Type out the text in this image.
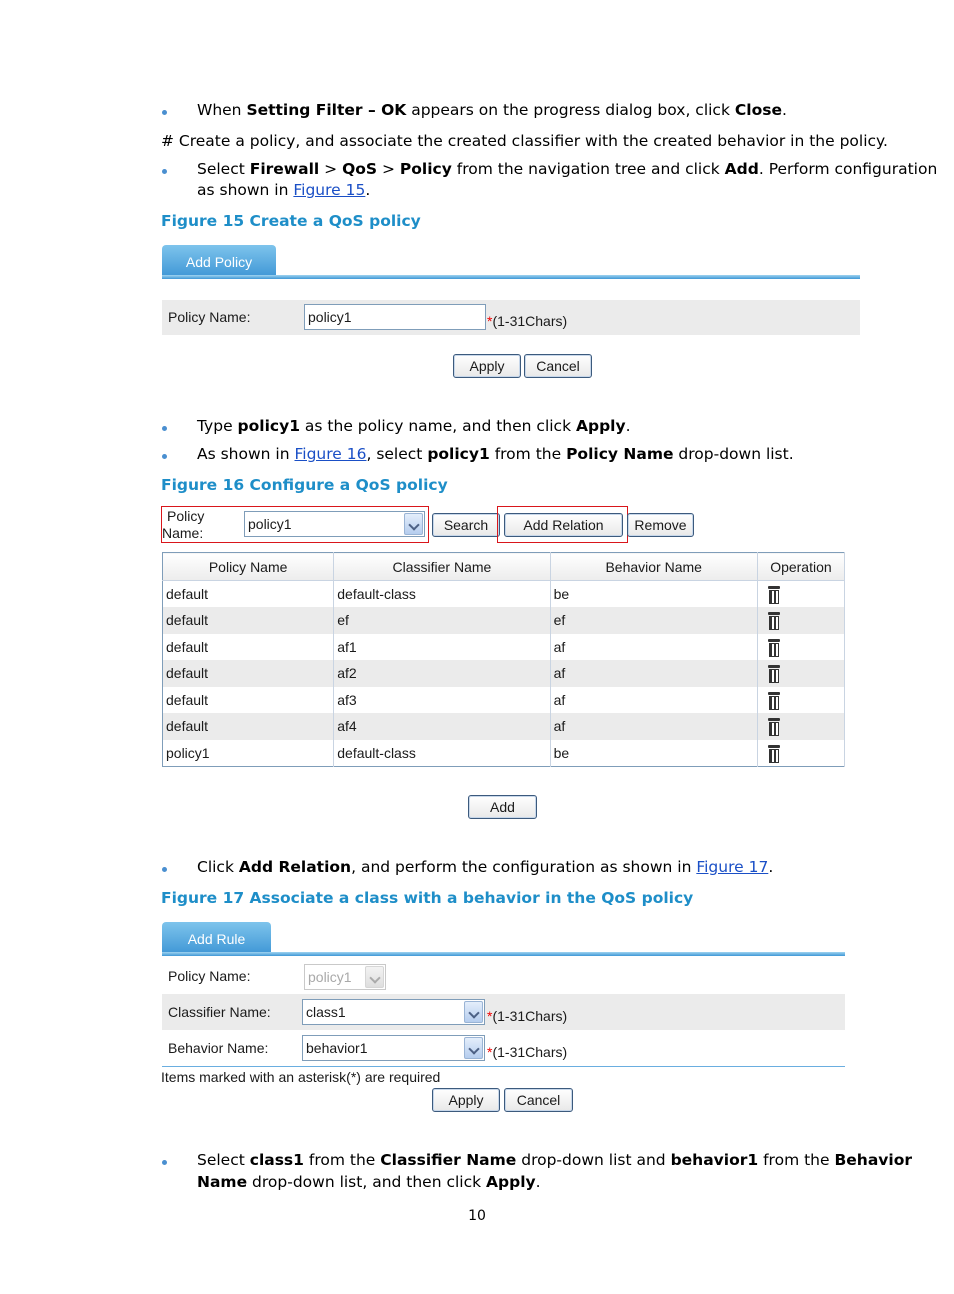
When Setting Filter – OK appears on the progress dialog box, click Close.
# Create a policy, and associate the created classifier with the created behavior in the policy.
Select Firewall > QoS > Policy from the navigation tree and click Add. Perform configuration
as shown in Figure 15.
Figure 15 Create a QoS policy
Add Policy
Policy Name:	policy1	*(1-31Chars)
Apply	Cancel
Type policy1 as the policy name, and then click Apply.
As shown in Figure 16, select policy1 from the Policy Name drop-down list.
Figure 16 Configure a QoS policy
Policy
Name:
policy1	Search	Add Relation	Remove
Policy Name	Classifier Name	Behavior Name	Operation
default	default-class	be	
default	ef	ef	
default	af1	af	
default	af2	af	
default	af3	af	
default	af4	af	
policy1	default-class	be	
Add
Click Add Relation, and perform the configuration as shown in Figure 17.
Figure 17 Associate a class with a behavior in the QoS policy
Add Rule
Policy Name:	policy1
Classifier Name:	class1	*(1-31Chars)
Behavior Name:	behavior1	*(1-31Chars)
Items marked with an asterisk(*) are required
Apply	Cancel
Select class1 from the Classifier Name drop-down list and behavior1 from the Behavior
Name drop-down list, and then click Apply.
10
